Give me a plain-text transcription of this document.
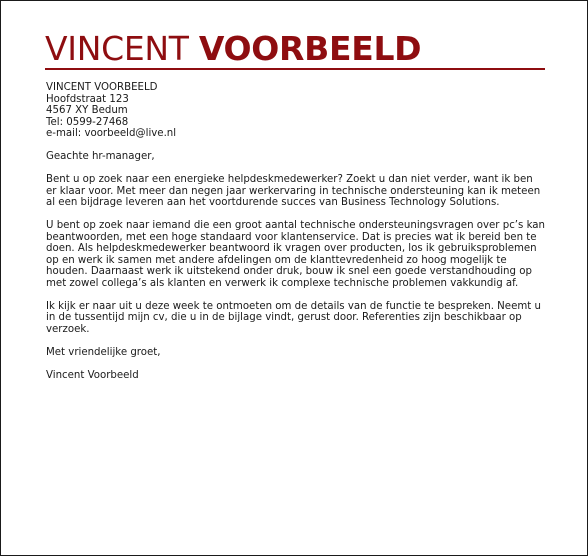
VINCENT VOORBEELD

VINCENT VOORBEELD
Hoofdstraat 123
4567 XY Bedum
Tel: 0599-27468
e-mail: voorbeeld@live.nl

Geachte hr-manager,

Bent u op zoek naar een energieke helpdeskmedewerker? Zoekt u dan niet verder, want ik ben er klaar voor. Met meer dan negen jaar werkervaring in technische ondersteuning kan ik meteen al een bijdrage leveren aan het voortdurende succes van Business Technology Solutions.

U bent op zoek naar iemand die een groot aantal technische ondersteuningsvragen over pc’s kan beantwoorden, met een hoge standaard voor klantenservice. Dat is precies wat ik bereid ben te doen. Als helpdeskmedewerker beantwoord ik vragen over producten, los ik gebruiksproblemen op en werk ik samen met andere afdelingen om de klanttevredenheid zo hoog mogelijk te houden. Daarnaast werk ik uitstekend onder druk, bouw ik snel een goede verstandhouding op met zowel collega’s als klanten en verwerk ik complexe technische problemen vakkundig af.

Ik kijk er naar uit u deze week te ontmoeten om de details van de functie te bespreken. Neemt u in de tussentijd mijn cv, die u in de bijlage vindt, gerust door. Referenties zijn beschikbaar op verzoek.

Met vriendelijke groet,

Vincent Voorbeeld
